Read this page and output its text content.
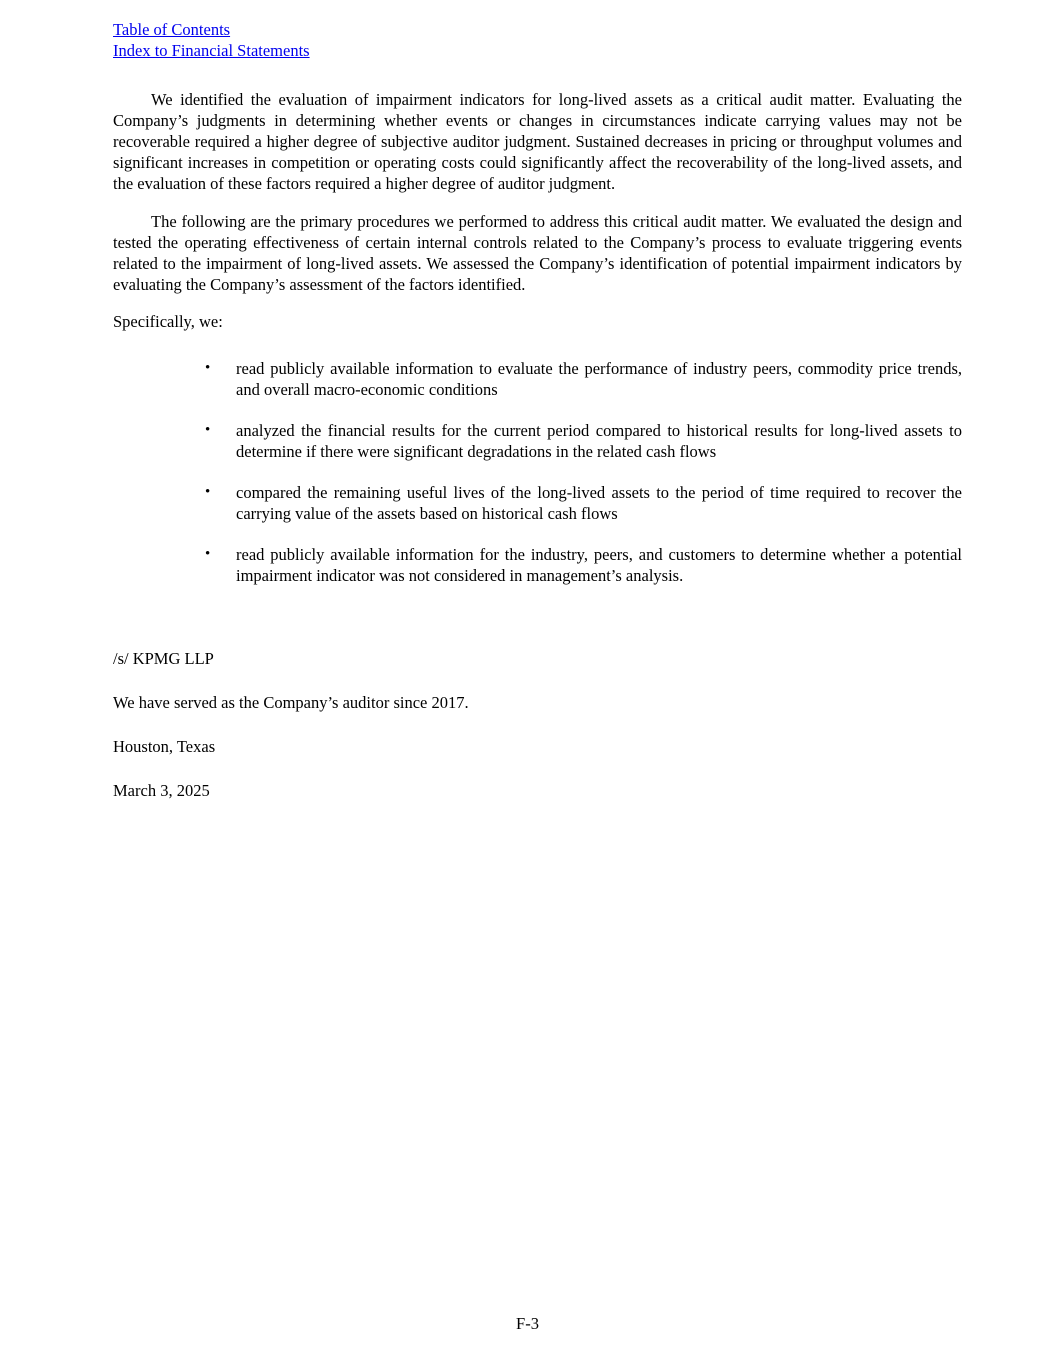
Table of Contents
Index to Financial Statements

We identified the evaluation of impairment indicators for long-lived assets as a critical audit matter. Evaluating the Company’s judgments in determining whether events or changes in circumstances indicate carrying values may not be recoverable required a higher degree of subjective auditor judgment. Sustained decreases in pricing or throughput volumes and significant increases in competition or operating costs could significantly affect the recoverability of the long-lived assets, and the evaluation of these factors required a higher degree of auditor judgment.

The following are the primary procedures we performed to address this critical audit matter. We evaluated the design and tested the operating effectiveness of certain internal controls related to the Company’s process to evaluate triggering events related to the impairment of long-lived assets. We assessed the Company’s identification of potential impairment indicators by evaluating the Company’s assessment of the factors identified.

Specifically, we:

•	read publicly available information to evaluate the performance of industry peers, commodity price trends, and overall macro-economic conditions
•	analyzed the financial results for the current period compared to historical results for long-lived assets to determine if there were significant degradations in the related cash flows
•	compared the remaining useful lives of the long-lived assets to the period of time required to recover the carrying value of the assets based on historical cash flows
•	read publicly available information for the industry, peers, and customers to determine whether a potential impairment indicator was not considered in management’s analysis.

/s/ KPMG LLP

We have served as the Company’s auditor since 2017.

Houston, Texas

March 3, 2025

F-3
